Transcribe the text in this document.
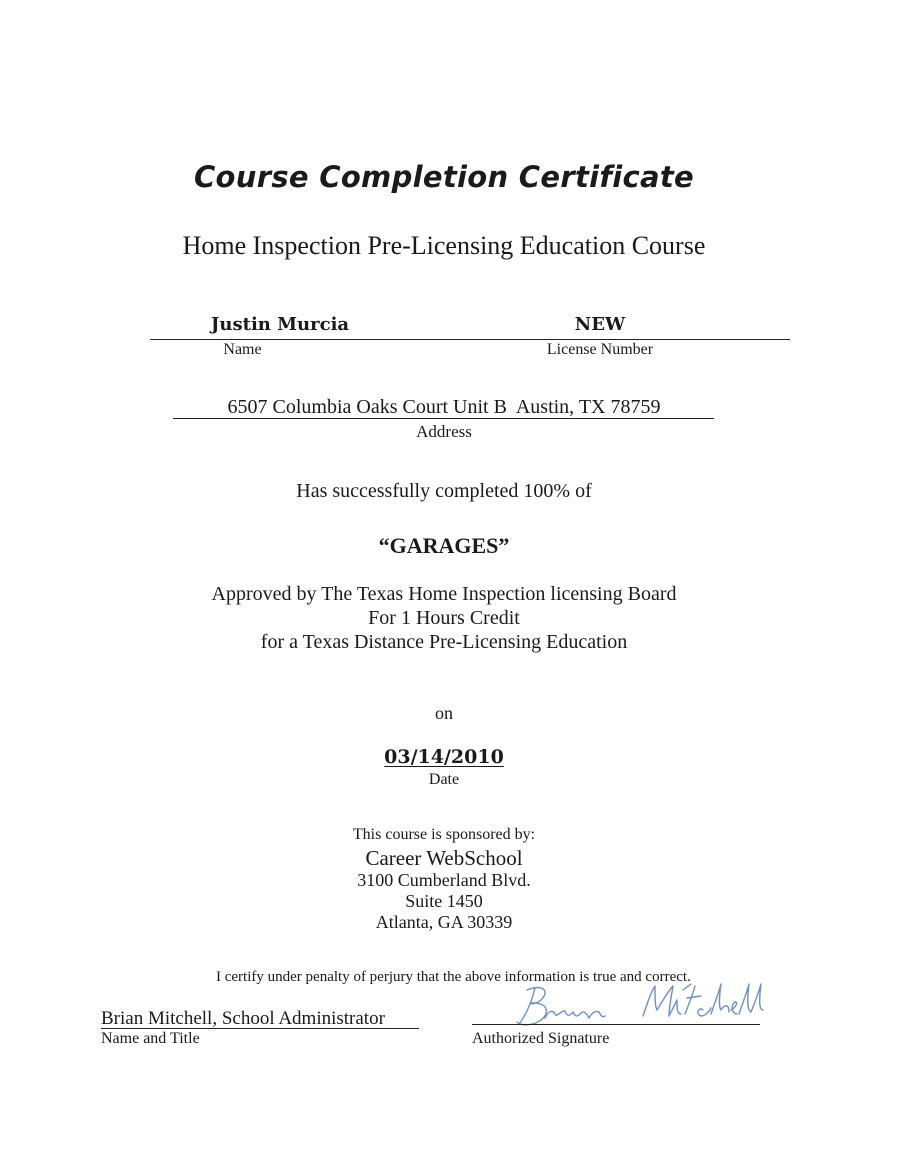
Course Completion Certificate
Home Inspection Pre-Licensing Education Course
Justin Murcia	NEW
Name	License Number
6507 Columbia Oaks Court Unit B  Austin, TX 78759
Address
Has successfully completed 100% of
“GARAGES”
Approved by The Texas Home Inspection licensing Board
For 1 Hours Credit
for a Texas Distance Pre-Licensing Education
on
03/14/2010
Date
This course is sponsored by:
Career WebSchool
3100 Cumberland Blvd.
Suite 1450
Atlanta, GA 30339
I certify under penalty of perjury that the above information is true and correct.
Brian Mitchell, School Administrator
Name and Title	Authorized Signature
